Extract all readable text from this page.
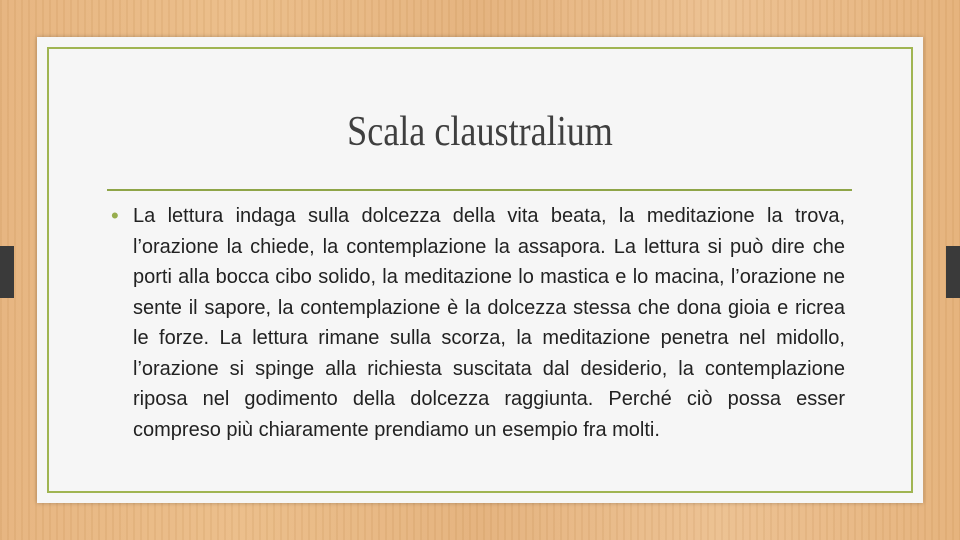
Scala claustralium
• La lettura indaga sulla dolcezza della vita beata, la meditazione la trova, l’orazione la chiede, la contemplazione la assapora. La lettura si può dire che porti alla bocca cibo solido, la meditazione lo mastica e lo macina, l’orazione ne sente il sapore, la contemplazione è la dolcezza stessa che dona gioia e ricrea le forze. La lettura rimane sulla scorza, la meditazione penetra nel midollo, l’orazione si spinge alla richiesta suscitata dal desiderio, la contemplazione riposa nel godimento della dolcezza raggiunta. Perché ciò possa esser compreso più chiaramente prendiamo un esempio fra molti.
